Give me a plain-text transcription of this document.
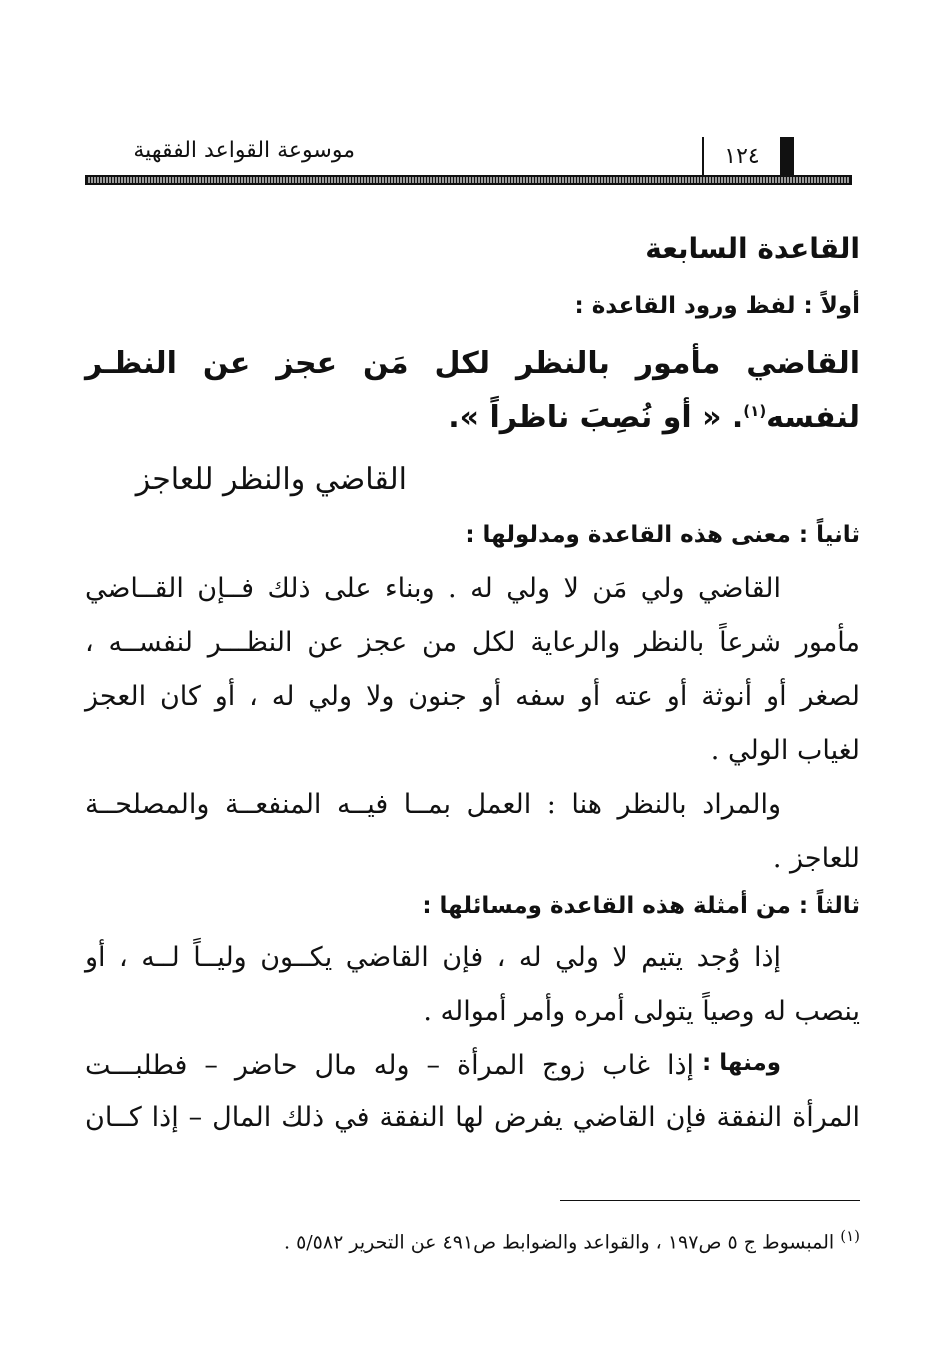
موسوعة القواعد الفقهية	١٢٤
القاعدة السابعة
أولاً : لفظ ورود القاعدة :
القاضي مأمور بالنظر لكل مَن عجز عن النظـر
لنفسه$^{(١)}$. « أو نُصِبَ ناظراً ».
القاضي والنظر للعاجز
ثانياً : معنى هذه القاعدة ومدلولها :
القاضي ولي مَن لا ولي له . وبناء على ذلك فــإن القــاضي
مأمور شرعاً بالنظر والرعاية لكل من عجز عن النظـــر لنفســه ،
لصغر أو أنوثة أو عته أو سفه أو جنون ولا ولي له ، أو كان العجز
لغياب الولي .
والمراد بالنظر هنا : العمل بمــا فيــه المنفعــة والمصلحــة
للعاجز .
ثالثاً : من أمثلة هذه القاعدة ومسائلها :
إذا وُجد يتيم لا ولي له ، فإن القاضي يكــون وليــاً لــه ، أو
ينصب له وصياً يتولى أمره وأمر أمواله .
ومنها :
إذا غاب زوج المرأة – وله مال حاضر – فطلبـــت
المرأة النفقة فإن القاضي يفرض لها النفقة في ذلك المال – إذا كــان
$^{(١)}$ المبسوط ج ٥ ص١٩٧ ، والقواعد والضوابط ص٤٩١ عن التحرير ٥/٥٨٢ .
